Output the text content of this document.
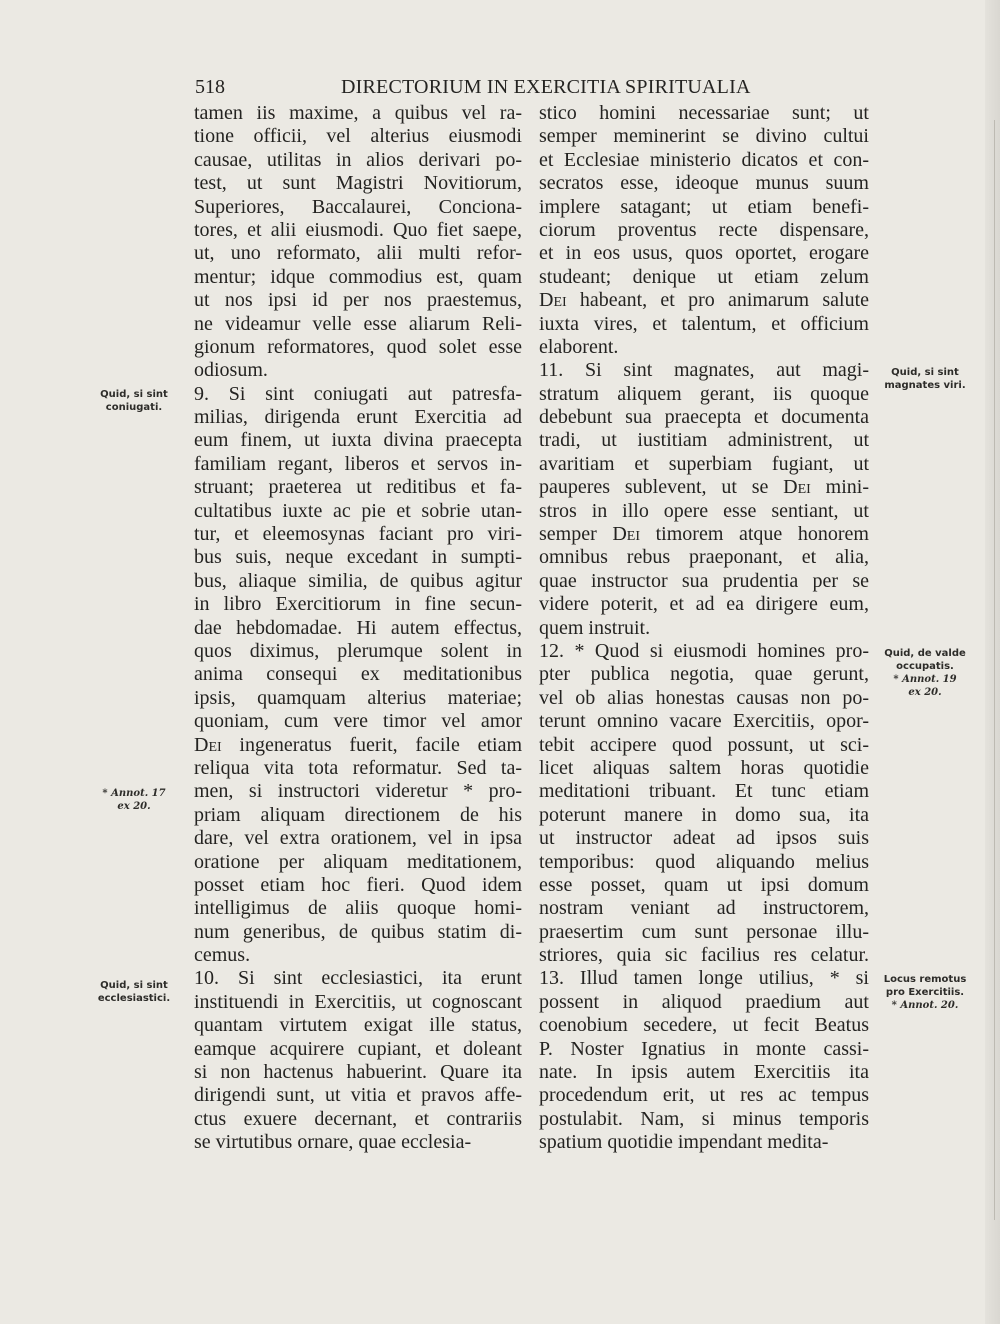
518	DIRECTORIUM IN EXERCITIA SPIRITUALIA
tamen iis maxime, a quibus vel ra-
tione officii, vel alterius eiusmodi
causae, utilitas in alios derivari po-
test, ut sunt Magistri Novitiorum,
Superiores, Baccalaurei, Conciona-
tores, et alii eiusmodi. Quo fiet saepe,
ut, uno reformato, alii multi refor-
mentur; idque commodius est, quam
ut nos ipsi id per nos praestemus,
ne videamur velle esse aliarum Reli-
gionum reformatores, quod solet esse
odiosum.
9. Si sint coniugati aut patresfa-
milias, dirigenda erunt Exercitia ad
eum finem, ut iuxta divina praecepta
familiam regant, liberos et servos in-
struant; praeterea ut reditibus et fa-
cultatibus iuxte ac pie et sobrie utan-
tur, et eleemosynas faciant pro viri-
bus suis, neque excedant in sumpti-
bus, aliaque similia, de quibus agitur
in libro Exercitiorum in fine secun-
dae hebdomadae. Hi autem effectus,
quos diximus, plerumque solent in
anima consequi ex meditationibus
ipsis, quamquam alterius materiae;
quoniam, cum vere timor vel amor
Dei ingeneratus fuerit, facile etiam
reliqua vita tota reformatur. Sed ta-
men, si instructori videretur * pro-
priam aliquam directionem de his
dare, vel extra orationem, vel in ipsa
oratione per aliquam meditationem,
posset etiam hoc fieri. Quod idem
intelligimus de aliis quoque homi-
num generibus, de quibus statim di-
cemus.
10. Si sint ecclesiastici, ita erunt
instituendi in Exercitiis, ut cognoscant
quantam virtutem exigat ille status,
eamque acquirere cupiant, et doleant
si non hactenus habuerint. Quare ita
dirigendi sunt, ut vitia et pravos affe-
ctus exuere decernant, et contrariis
se virtutibus ornare, quae ecclesia-
stico homini necessariae sunt; ut
semper meminerint se divino cultui
et Ecclesiae ministerio dicatos et con-
secratos esse, ideoque munus suum
implere satagant; ut etiam benefi-
ciorum proventus recte dispensare,
et in eos usus, quos oportet, erogare
studeant; denique ut etiam zelum
Dei habeant, et pro animarum salute
iuxta vires, et talentum, et officium
elaborent.
11. Si sint magnates, aut magi-
stratum aliquem gerant, iis quoque
debebunt sua praecepta et documenta
tradi, ut iustitiam administrent, ut
avaritiam et superbiam fugiant, ut
pauperes sublevent, ut se Dei mini-
stros in illo opere esse sentiant, ut
semper Dei timorem atque honorem
omnibus rebus praeponant, et alia,
quae instructor sua prudentia per se
videre poterit, et ad ea dirigere eum,
quem instruit.
12. * Quod si eiusmodi homines pro-
pter publica negotia, quae gerunt,
vel ob alias honestas causas non po-
terunt omnino vacare Exercitiis, opor-
tebit accipere quod possunt, ut sci-
licet aliquas saltem horas quotidie
meditationi tribuant. Et tunc etiam
poterunt manere in domo sua, ita
ut instructor adeat ad ipsos suis
temporibus: quod aliquando melius
esse posset, quam ut ipsi domum
nostram veniant ad instructorem,
praesertim cum sunt personae illu-
striores, quia sic facilius res celatur.
13. Illud tamen longe utilius, * si
possent in aliquod praedium aut
coenobium secedere, ut fecit Beatus
P. Noster Ignatius in monte cassi-
nate. In ipsis autem Exercitiis ita
procedendum erit, ut res ac tempus
postulabit. Nam, si minus temporis
spatium quotidie impendant medita-
Quid, si sint
coniugati.
* Annot. 17
ex 20.
Quid, si sint
ecclesiastici.
Quid, si sint
magnates viri.
Quid, de valde
occupatis.
* Annot. 19
ex 20.
Locus remotus
pro Exercitiis.
* Annot. 20.
